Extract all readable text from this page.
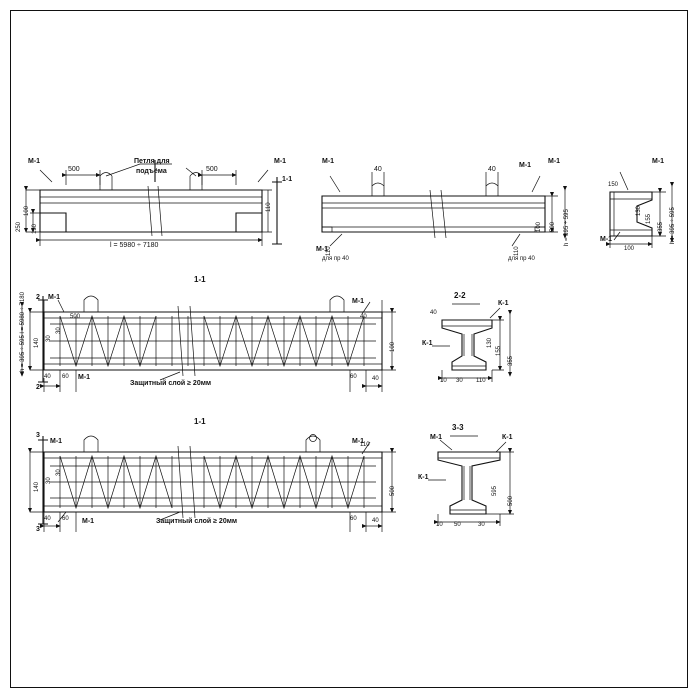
М-1	М-1
500	500
Петля для
подъёма
100
150
250
110
l = 5980 ÷ 7180
1-1
М-1	М-1
М-1
М-1
40	40
110	110
для пр 40	для пр 40
500 h = 395 ÷ 595
100
М-1
М-1
355 h = 395 ÷ 595
155
130
100
150
1-1
2
2
М-1
М-1
М-1
Защитный слой ≥ 20мм
h = 395 ÷ 595 l = 5980 ÷ 7180 140 30
30
100
40 60	60	40
500	40
2-2
К-1
К-1
355
155
130
10 30 110
40
1-1
3
3
М-1	М-1
М-1	Защитный слой ≥ 20мм
140
30
30
500
40 60	60	40
110
3-3
М-1	К-1
К-1
500
595
10 50	30
